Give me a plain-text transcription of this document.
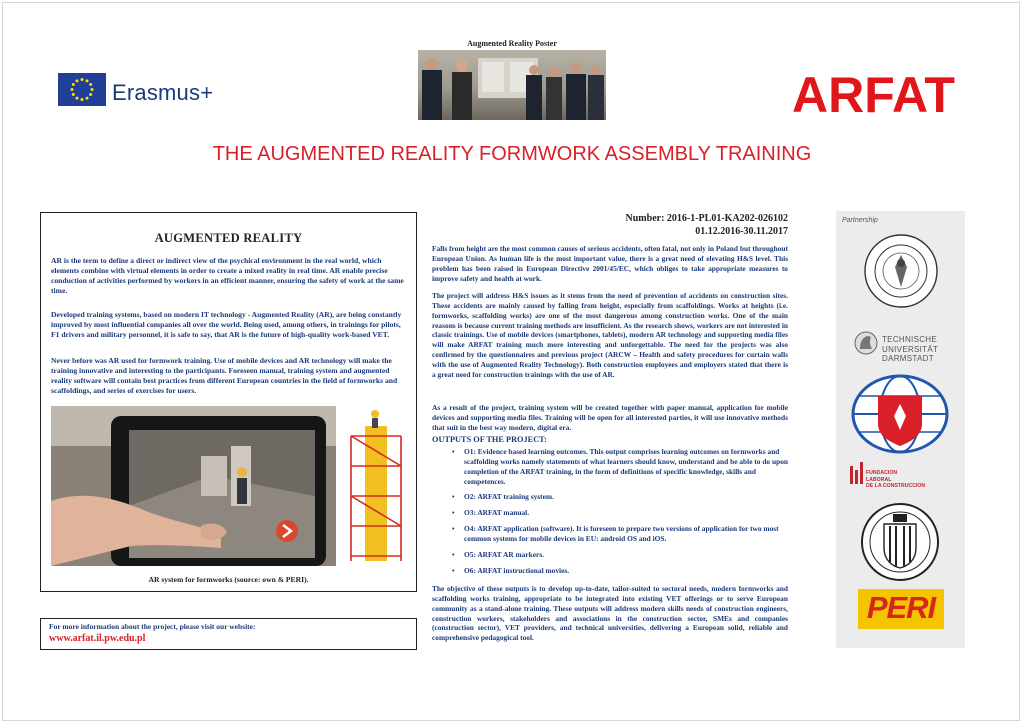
Erasmus+
Augmented Reality Poster
ARFAT
THE AUGMENTED REALITY FORMWORK ASSEMBLY TRAINING
AUGMENTED REALITY

AR is the term to define a direct or indirect view of the psychical environment in the real world, which elements combine with virtual elements in order to create a mixed reality in real time. AR enable precise conduction of activities performed by workers in an efficient manner, ensuring the safety of work at the same time.

Developed training systems, based on modern IT technology - Augmented Reality (AR), are being constantly improved by most influential companies all over the world. Being used, among others, in trainings for pilots, F1 drivers and military personnel, it is safe to say, that AR is the future of high-quality work-based VET.

Never before was AR used for formwork training. Use of mobile devices and AR technology will make the training innovative and interesting to the participants. Foreseen manual, training system and augmented reality software will contain best practices from different European countries in the field of formworks and scaffoldings, and series of exercises for users.

AR system for formworks (source: own & PERI).
For more information about the project, please visit our website:
www.arfat.il.pw.edu.pl
Number: 2016-1-PL01-KA202-026102
01.12.2016-30.11.2017

Falls from height are the most common causes of serious accidents, often fatal, not only in Poland but throughout European Union. As human life is the most important value, there is a great need of elevating H&S level. This problem has been raised in European Directive 2001/45/EC, which obliges to take appropriate measures to improve safety and health at work.

The project will address H&S issues as it stems from the need of prevention of accidents on construction sites. These accidents are mainly caused by falling from height, especially from scaffoldings. Works at heights (i.e. formworks, scaffolding works) are one of the most dangerous among construction works. One of the main reasons is because current training methods are insufficient. As the research shows, workers are not interested in classic trainings. Use of mobile devices (smartphones, tablets), modern AR technology and supporting media files will make ARFAT training much more interesting and unforgettable. The need for the projects was also confirmed by the questionnaires and previous project (ARCW – Health and safety procedures for curtain walls with the use of Augmented Reality Technology). Both construction employees and employers stated that there is a great need for construction trainings with the use of AR.

As a result of the project, training system will be created together with paper manual, application for mobile devices and supporting media files. Training will be open for all interested parties, it will use innovative methods that suit in the best way modern, digital era.

OUTPUTS OF THE PROJECT:
• O1: Evidence based learning outcomes. This output comprises learning outcomes on formworks and scaffolding works namely statements of what learners should know, understand and be able to do upon completion of the ARFAT training, in the form of definitions of specific knowledge, skills and competences.
• O2: ARFAT training system.
• O3: ARFAT manual.
• O4: ARFAT application (software). It is foreseen to prepare two versions of application for two most common systems for mobile devices in EU: android OS and iOS.
• O5: ARFAT AR markers.
• O6: ARFAT instructional movies.

The objective of these outputs is to develop up-to-date, tailor-suited to sectoral needs, modern formworks and scaffolding works training, appropriate to be integrated into existing VET offerings or to serve European community as a stand-alone training. These outputs will address modern skills needs of construction engineers, construction workers, stakeholders and associations in the construction sector, SMEs and companies (construction sector), VET providers, and technical universities, delivering a European solid, reliable and comprehensive pedagogical tool.

Partnership
TECHNISCHE
UNIVERSITÄT
DARMSTADT
FUNDACION
LABORAL
DE LA CONSTRUCCION
PERI
